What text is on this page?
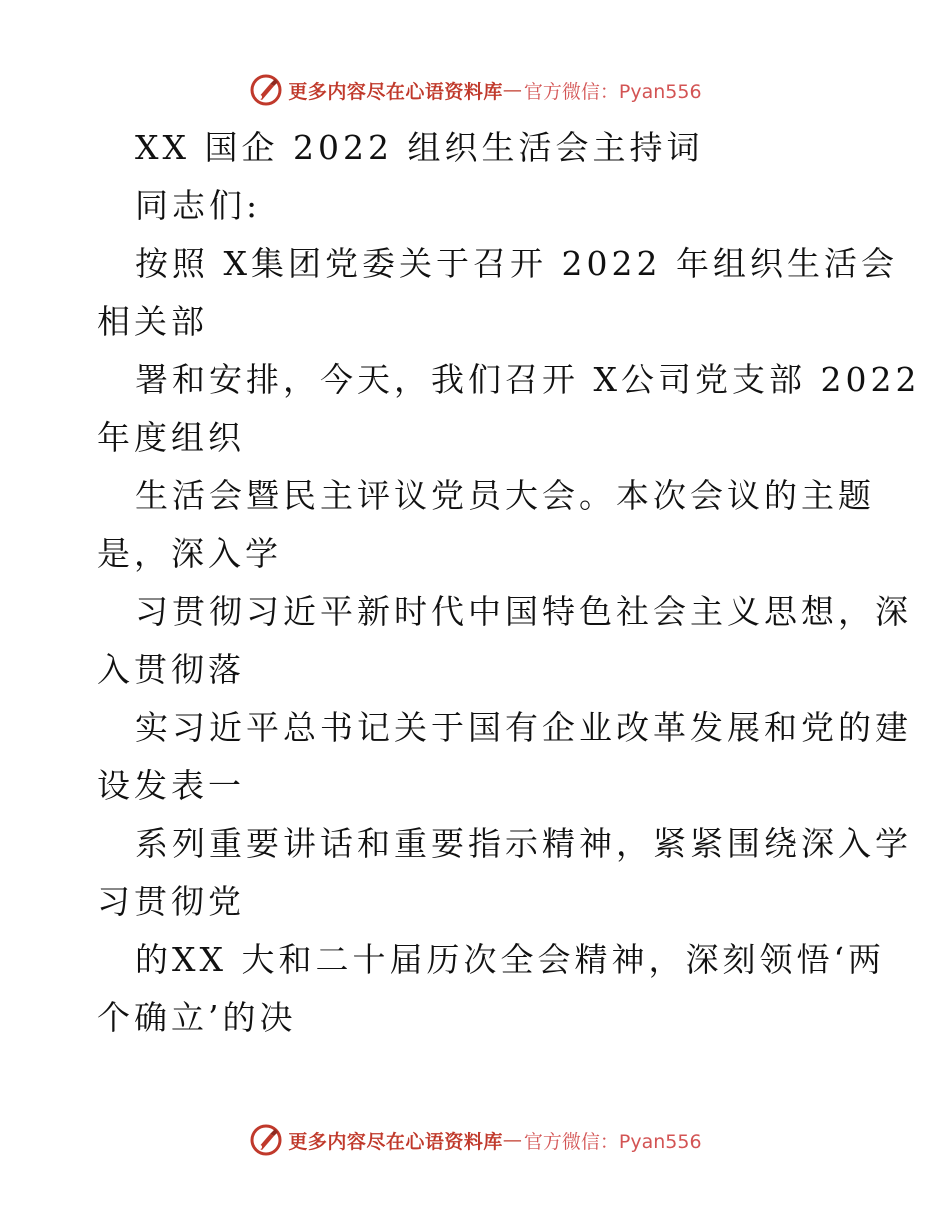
更多内容尽在心语资料库 — 官方微信：Pyan556
XX 国企 2022 组织生活会主持词
同志们:
按照 X集团党委关于召开 2022 年组织生活会
相关部
署和安排，今天，我们召开 X公司党支部 2022
年度组织
生活会暨民主评议党员大会。本次会议的主题
是，深入学
习贯彻习近平新时代中国特色社会主义思想，深
入贯彻落
实习近平总书记关于国有企业改革发展和党的建
设发表一
系列重要讲话和重要指示精神，紧紧围绕深入学
习贯彻党
的XX 大和二十届历次全会精神，深刻领悟‘两
个确立’的决
更多内容尽在心语资料库 — 官方微信：Pyan556
